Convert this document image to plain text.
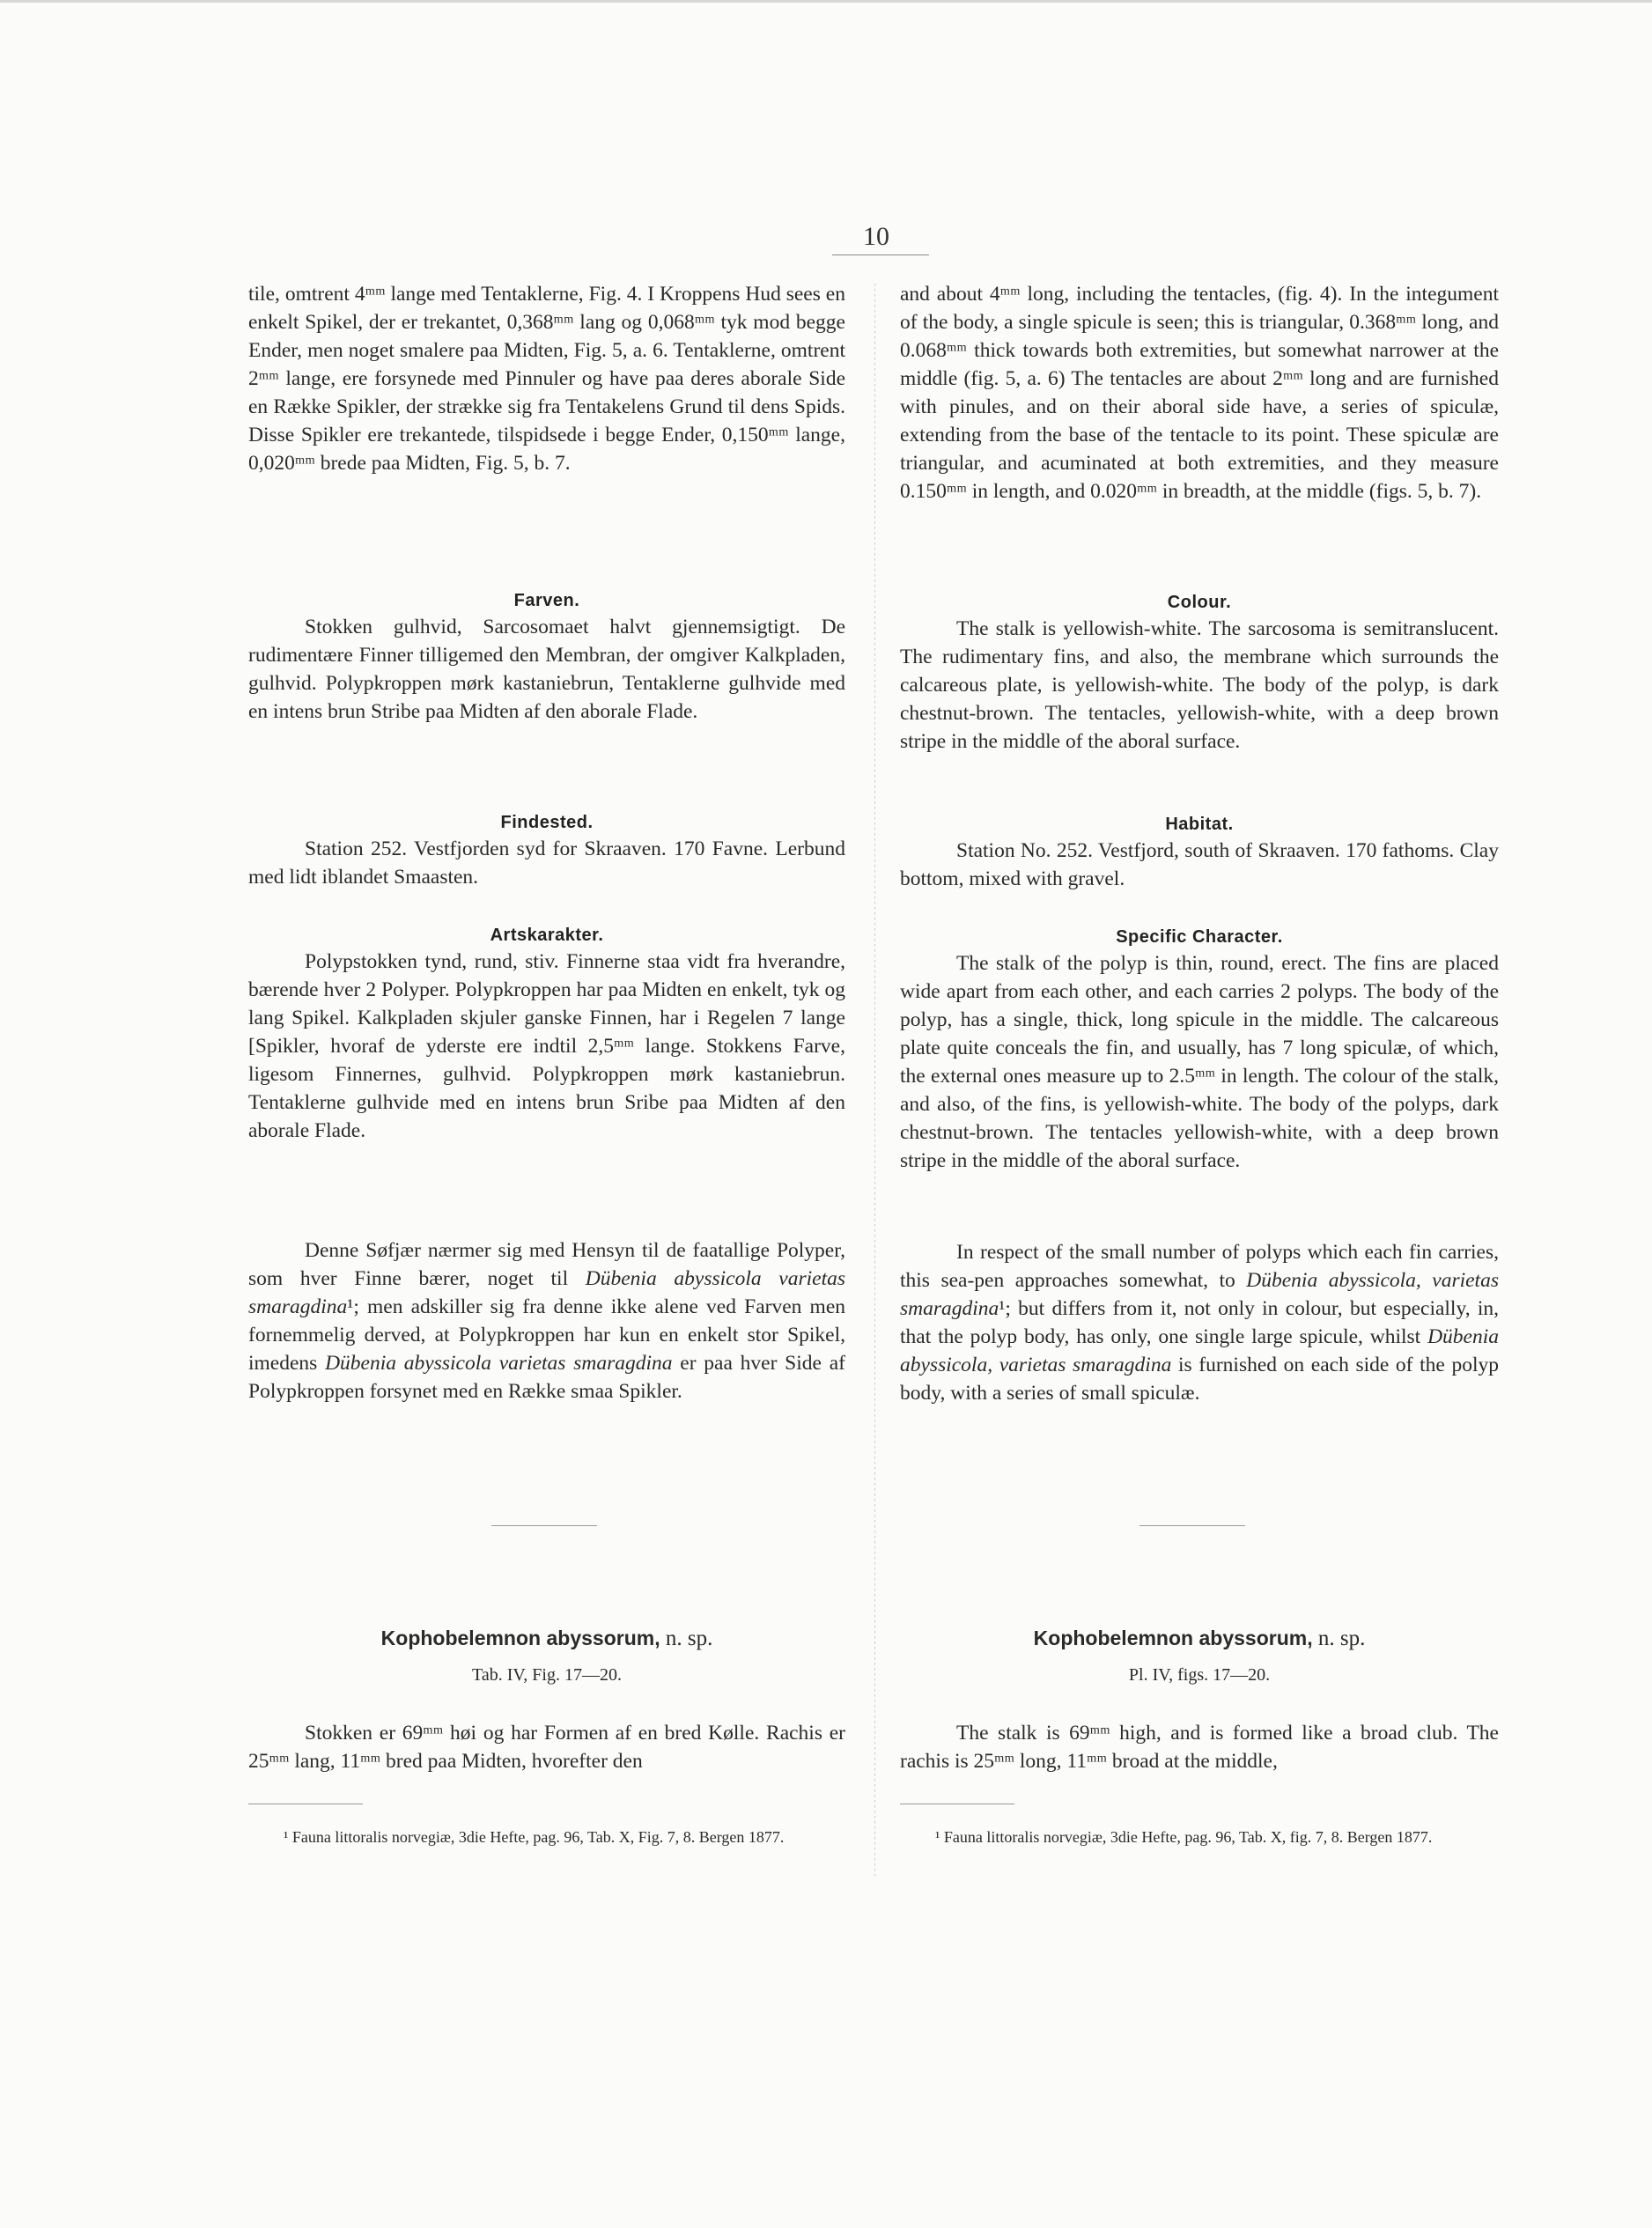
10

tile, omtrent 4ᵐᵐ lange med Tentaklerne, Fig. 4. I Kroppens Hud sees en enkelt Spikel, der er trekantet, 0,368ᵐᵐ lang og 0,068ᵐᵐ tyk mod begge Ender, men noget smalere paa Midten, Fig. 5, a. 6. Tentaklerne, omtrent 2ᵐᵐ lange, ere forsynede med Pinnuler og have paa deres aborale Side en Række Spikler, der strække sig fra Tentakelens Grund til dens Spids. Disse Spikler ere trekantede, tilspidsede i begge Ender, 0,150ᵐᵐ lange, 0,020ᵐᵐ brede paa Midten, Fig. 5, b. 7.

Farven.

Stokken gulhvid, Sarcosomaet halvt gjennemsigtigt. De rudimentære Finner tilligemed den Membran, der omgiver Kalkpladen, gulhvid. Polypkroppen mørk kastaniebrun, Tentaklerne gulhvide med en intens brun Stribe paa Midten af den aborale Flade.

Findested.

Station 252. Vestfjorden syd for Skraaven. 170 Favne. Lerbund med lidt iblandet Smaasten.

Artskarakter.

Polypstokken tynd, rund, stiv. Finnerne staa vidt fra hverandre, bærende hver 2 Polyper. Polypkroppen har paa Midten en enkelt, tyk og lang Spikel. Kalkpladen skjuler ganske Finnen, har i Regelen 7 lange [Spikler, hvoraf de yderste ere indtil 2,5ᵐᵐ lange. Stokkens Farve, ligesom Finnernes, gulhvid. Polypkroppen mørk kastaniebrun. Tentaklerne gulhvide med en intens brun Sribe paa Midten af den aborale Flade.

Denne Søfjær nærmer sig med Hensyn til de faatallige Polyper, som hver Finne bærer, noget til Dübenia abyssicola varietas smaragdina¹; men adskiller sig fra denne ikke alene ved Farven men fornemmelig derved, at Polypkroppen har kun en enkelt stor Spikel, imedens Dübenia abyssicola varietas smaragdina er paa hver Side af Polypkroppen forsynet med en Række smaa Spikler.

Kophobelemnon abyssorum, n. sp.
Tab. IV, Fig. 17—20.

Stokken er 69ᵐᵐ høi og har Formen af en bred Kølle. Rachis er 25ᵐᵐ lang, 11ᵐᵐ bred paa Midten, hvorefter den

¹ Fauna littoralis norvegiæ, 3die Hefte, pag. 96, Tab. X, Fig. 7, 8. Bergen 1877.

and about 4ᵐᵐ long, including the tentacles, (fig. 4). In the integument of the body, a single spicule is seen; this is triangular, 0.368ᵐᵐ long, and 0.068ᵐᵐ thick towards both extremities, but somewhat narrower at the middle (fig. 5, a. 6) The tentacles are about 2ᵐᵐ long and are furnished with pinules, and on their aboral side have, a series of spiculæ, extending from the base of the tentacle to its point. These spiculæ are triangular, and acuminated at both extremities, and they measure 0.150ᵐᵐ in length, and 0.020ᵐᵐ in breadth, at the middle (figs. 5, b. 7).

Colour.

The stalk is yellowish-white. The sarcosoma is semitranslucent. The rudimentary fins, and also, the membrane which surrounds the calcareous plate, is yellowish-white. The body of the polyp, is dark chestnut-brown. The tentacles, yellowish-white, with a deep brown stripe in the middle of the aboral surface.

Habitat.

Station No. 252. Vestfjord, south of Skraaven. 170 fathoms. Clay bottom, mixed with gravel.

Specific Character.

The stalk of the polyp is thin, round, erect. The fins are placed wide apart from each other, and each carries 2 polyps. The body of the polyp, has a single, thick, long spicule in the middle. The calcareous plate quite conceals the fin, and usually, has 7 long spiculæ, of which, the external ones measure up to 2.5ᵐᵐ in length. The colour of the stalk, and also, of the fins, is yellowish-white. The body of the polyps, dark chestnut-brown. The tentacles yellowish-white, with a deep brown stripe in the middle of the aboral surface.

In respect of the small number of polyps which each fin carries, this sea-pen approaches somewhat, to Dübenia abyssicola, varietas smaragdina¹; but differs from it, not only in colour, but especially, in, that the polyp body, has only, one single large spicule, whilst Dübenia abyssicola, varietas smaragdina is furnished on each side of the polyp body, with a series of small spiculæ.

Kophobelemnon abyssorum, n. sp.
Pl. IV, figs. 17—20.

The stalk is 69ᵐᵐ high, and is formed like a broad club. The rachis is 25ᵐᵐ long, 11ᵐᵐ broad at the middle,

¹ Fauna littoralis norvegiæ, 3die Hefte, pag. 96, Tab. X, fig. 7, 8. Bergen 1877.
